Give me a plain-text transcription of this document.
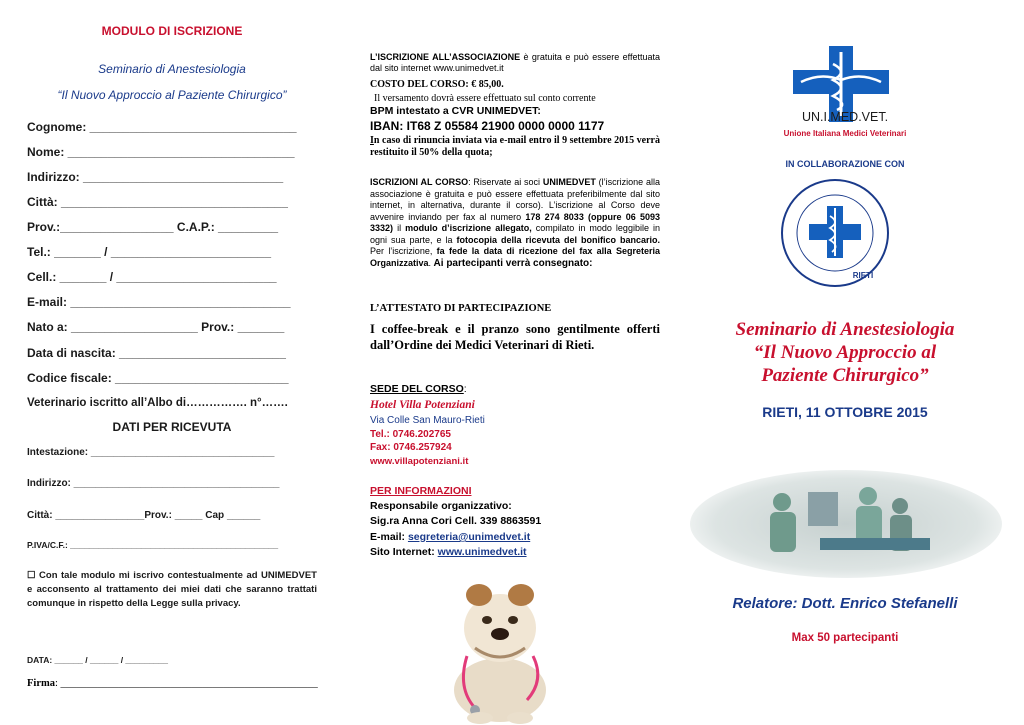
MODULO DI ISCRIZIONE
Seminario di Anestesiologia
“Il Nuovo Approccio al Paziente Chirurgico”
Cognome: _______________________________
Nome: __________________________________
Indirizzo: ______________________________
Città: __________________________________
Prov.:_________________ C.A.P.: _________
Tel.: _______ / ________________________
Cell.: _______ / ________________________
E-mail: _________________________________
Nato a: ___________________ Prov.: _______
Data di nascita: _________________________
Codice fiscale: __________________________
Veterinario iscritto all’Albo di……………. n°…….
DATI PER RICEVUTA
Intestazione: _________________________________
Indirizzo: _____________________________________
Città: ________________Prov.: _____ Cap ______
P.IVA/C.F.: ____________________________________________
☐ Con tale modulo mi iscrivo contestualmente ad UNIMEDVET e acconsento al trattamento dei miei dati che saranno trattati comunque in rispetto della Legge sulla privacy.
DATA: ______ / ______ / _________
Firma: _________________________________________________
L’ISCRIZIONE ALL’ASSOCIAZIONE è gratuita e può essere effettuata dal sito internet www.unimedvet.it
COSTO DEL CORSO: € 85,00.
Il versamento dovrà essere effettuato sul conto corrente
BPM intestato a CVR UNIMEDVET:
IBAN: IT68 Z 05584 21900 0000 0000 1177
In caso di rinuncia inviata via e-mail entro il 9 settembre 2015 verrà restituito il 50% della quota;
ISCRIZIONI AL CORSO: Riservate ai soci UNIMEDVET (l’iscrizione alla associazione è gratuita e può essere effettuata preferibilmente dal sito internet, in alternativa, durante il corso). L’iscrizione al Corso deve avvenire inviando per fax al numero 178 274 8033 (oppure 06 5093 3332) il modulo d’iscrizione allegato, compilato in modo leggibile in ogni sua parte, e la fotocopia della ricevuta del bonifico bancario. Per l’iscrizione, fa fede la data di ricezione del fax alla Segreteria Organizzativa. Ai partecipanti verrà consegnato:
L’ATTESTATO DI PARTECIPAZIONE
I coffee-break e il pranzo sono gentilmente offerti dall’Ordine dei Medici Veterinari di Rieti.
SEDE DEL CORSO:
Hotel Villa Potenziani
Via Colle San Mauro-Rieti
Tel.: 0746.202765
Fax: 0746.257924
www.villapotenziani.it
PER INFORMAZIONI
Responsabile organizzativo:
Sig.ra Anna Cori Cell. 339 8863591
E-mail: segreteria@unimedvet.it
Sito Internet: www.unimedvet.it
UN.I.MED.VET.
Unione Italiana Medici Veterinari
IN COLLABORAZIONE CON
RIETI
Seminario di Anestesiologia
“Il Nuovo Approccio al
Paziente Chirurgico”
RIETI, 11 OTTOBRE 2015
Relatore: Dott. Enrico Stefanelli
Max 50 partecipanti
